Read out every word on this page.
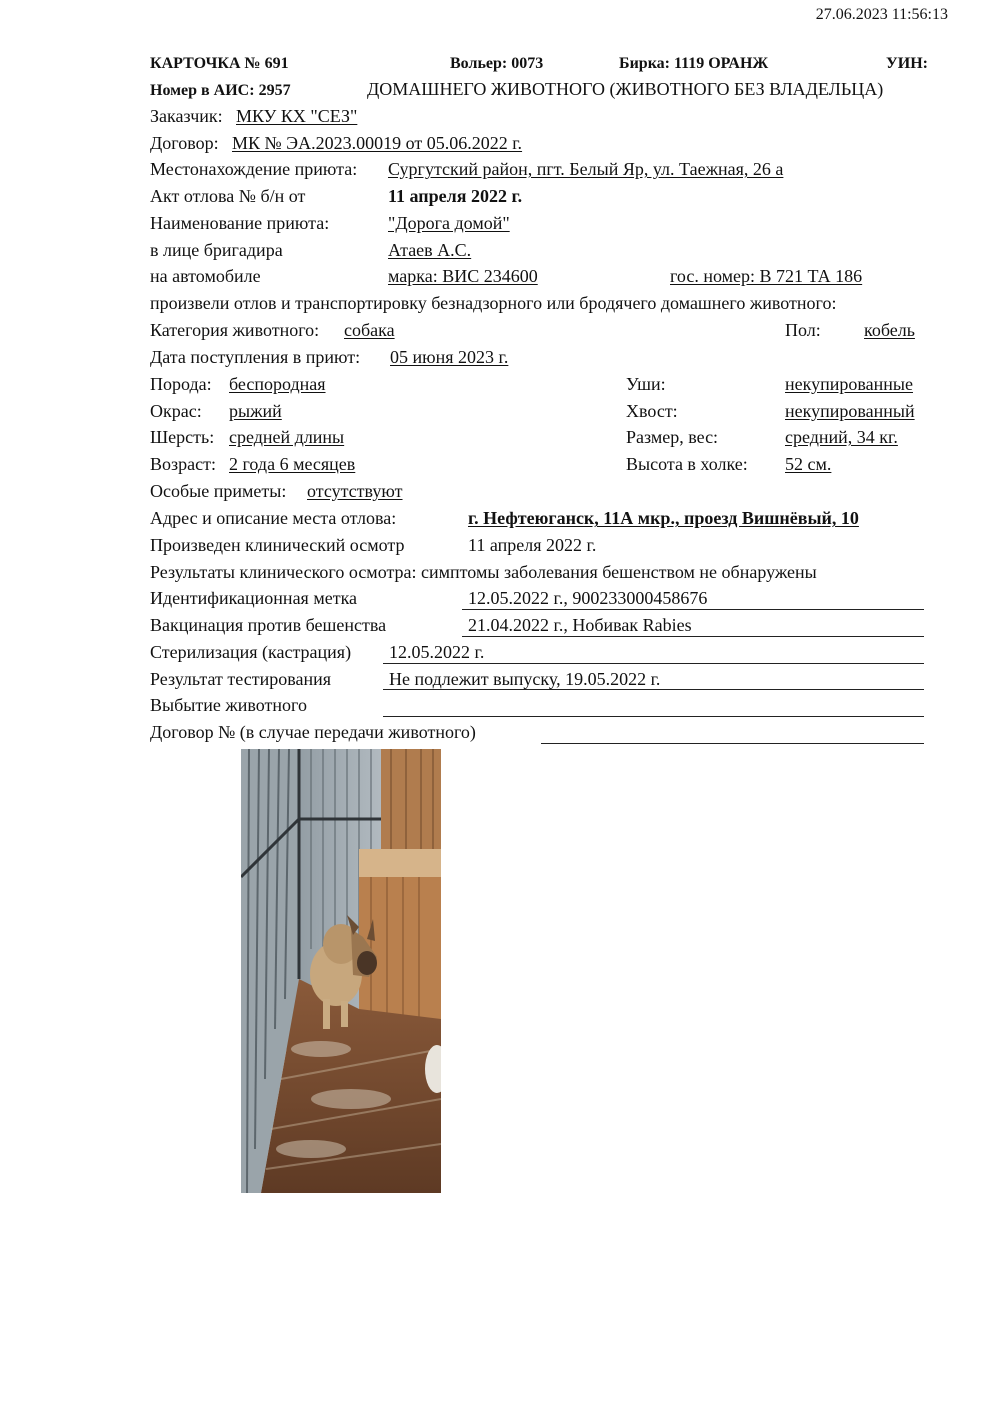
27.06.2023 11:56:13
КАРТОЧКА № 691	Вольер: 0073	Бирка: 1119 ОРАНЖ	УИН:
Номер в АИС: 2957	ДОМАШНЕГО ЖИВОТНОГО (ЖИВОТНОГО БЕЗ ВЛАДЕЛЬЦА)
Заказчик: МКУ КХ "СЕЗ"
Договор: МК № ЭА.2023.00019 от 05.06.2022 г.
Местонахождение приюта: Сургутский район, пгт. Белый Яр, ул. Таежная, 26 а
Акт отлова № б/н от	11 апреля 2022 г.
Наименование приюта:	"Дорога домой"
в лице бригадира	Атаев А.С.
на автомобиле	марка: ВИС 234600	гос. номер: В 721 ТА 186
произвели отлов и транспортировку безнадзорного или бродячего домашнего животного:
Категория животного: собака	Пол: кобель
Дата поступления в приют: 05 июня 2023 г.
Порода: беспородная	Уши:	некупированные
Окрас: рыжий	Хвост:	некупированный
Шерсть: средней длины	Размер, вес:	средний, 34 кг.
Возраст: 2 года 6 месяцев	Высота в холке: 52 см.
Особые приметы: отсутствуют
Адрес и описание места отлова:	г. Нефтеюганск, 11А мкр., проезд Вишнёвый, 10
Произведен клинический осмотр	11 апреля 2022 г.
Результаты клинического осмотра: симптомы заболевания бешенством не обнаружены
Идентификационная метка	12.05.2022 г., 900233000458676
Вакцинация против бешенства	21.04.2022 г., Нобивак Rabies
Стерилизация (кастрация) 12.05.2022 г.
Результат тестирования	Не подлежит выпуску, 19.05.2022 г.
Выбытие животного
Договор № (в случае передачи животного)
